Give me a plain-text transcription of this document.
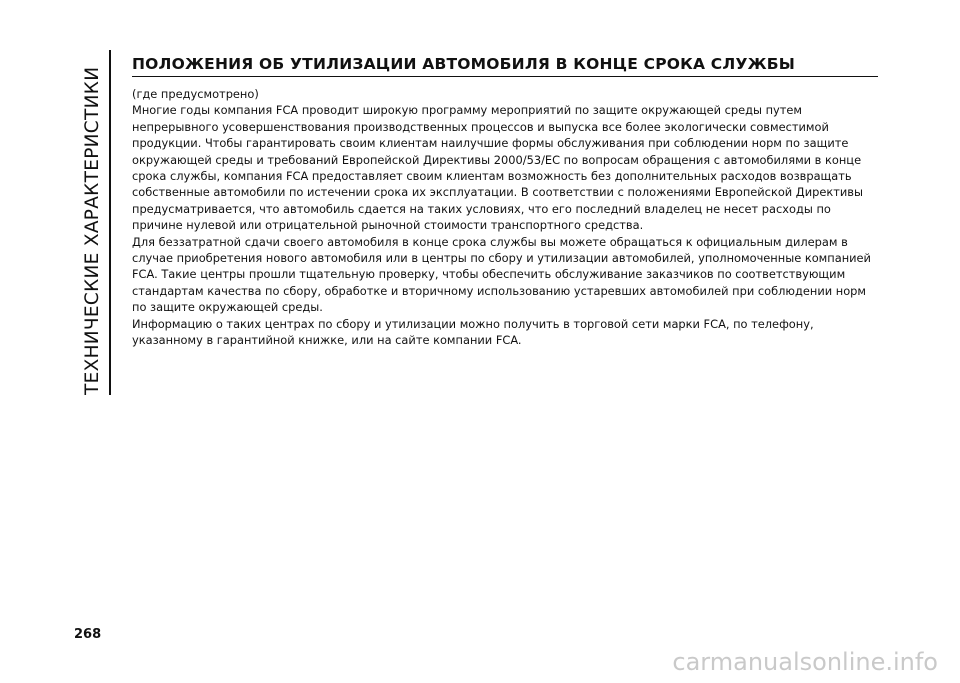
ТЕХНИЧЕСКИЕ ХАРАКТЕРИСТИКИ
ПОЛОЖЕНИЯ ОБ УТИЛИЗАЦИИ АВТОМОБИЛЯ В КОНЦЕ СРОКА СЛУЖБЫ

(где предусмотрено)

Многие годы компания FCA проводит широкую программу мероприятий по защите окружающей среды путем непрерывного усовершенствования производственных процессов и выпуска все более экологически совместимой продукции. Чтобы гарантировать своим клиентам наилучшие формы обслуживания при соблюдении норм по защите окружающей среды и требований Европейской Директивы 2000/53/EC по вопросам обращения с автомобилями в конце срока службы, компания FCA предоставляет своим клиентам возможность без дополнительных расходов возвращать собственные автомобили по истечении срока их эксплуатации. В соответствии с положениями Европейской Директивы предусматривается, что автомобиль сдается на таких условиях, что его последний владелец не несет расходы по причине нулевой или отрицательной рыночной стоимости транспортного средства.

Для беззатратной сдачи своего автомобиля в конце срока службы вы можете обращаться к официальным дилерам в случае приобретения нового автомобиля или в центры по сбору и утилизации автомобилей, уполномоченные компанией FCA. Такие центры прошли тщательную проверку, чтобы обеспечить обслуживание заказчиков по соответствующим стандартам качества по сбору, обработке и вторичному использованию устаревших автомобилей при соблюдении норм по защите окружающей среды.

Информацию о таких центрах по сбору и утилизации можно получить в торговой сети марки FCA, по телефону, указанному в гарантийной книжке, или на сайте компании FCA.

268
carmanualsonline.info
